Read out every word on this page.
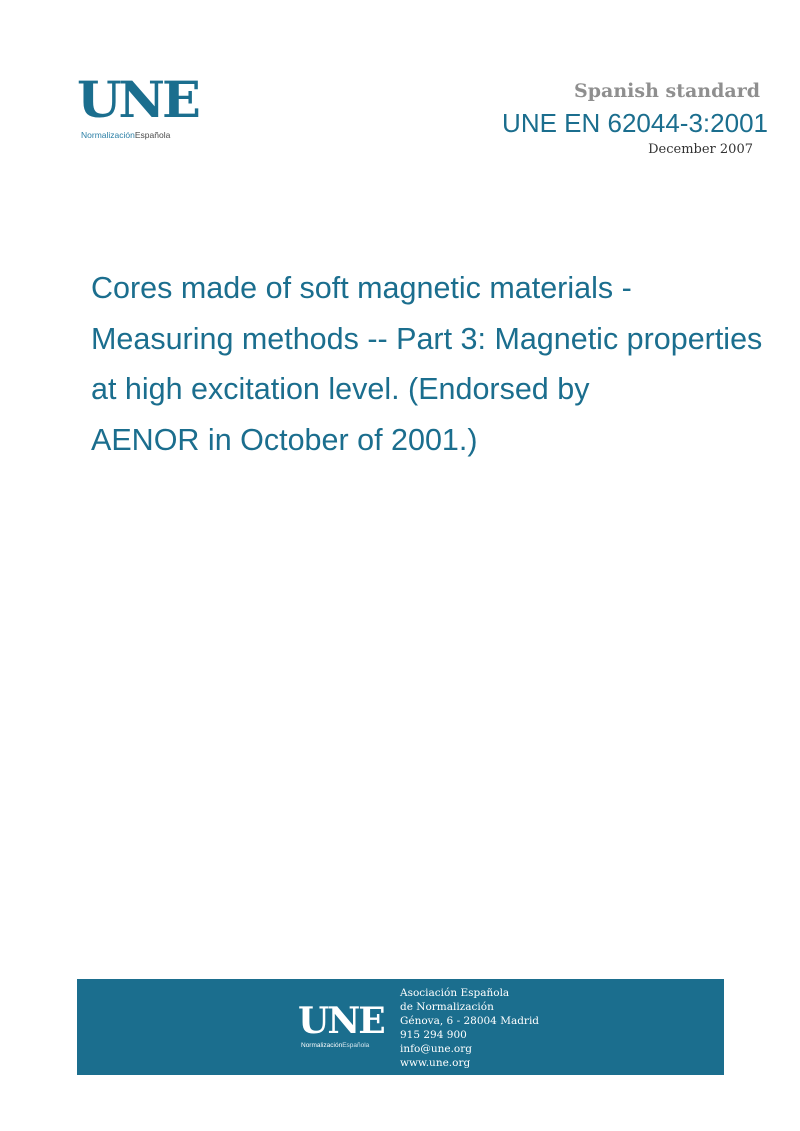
UNE
NormalizaciónEspañola
Spanish standard
UNE EN 62044-3:2001
December 2007
Cores made of soft magnetic materials -
Measuring methods -- Part 3: Magnetic properties
at high excitation level. (Endorsed by
AENOR in October of 2001.)
UNE
NormalizaciónEspañola
Asociación Española
de Normalización
Génova, 6 - 28004 Madrid
915 294 900
info@une.org
www.une.org
